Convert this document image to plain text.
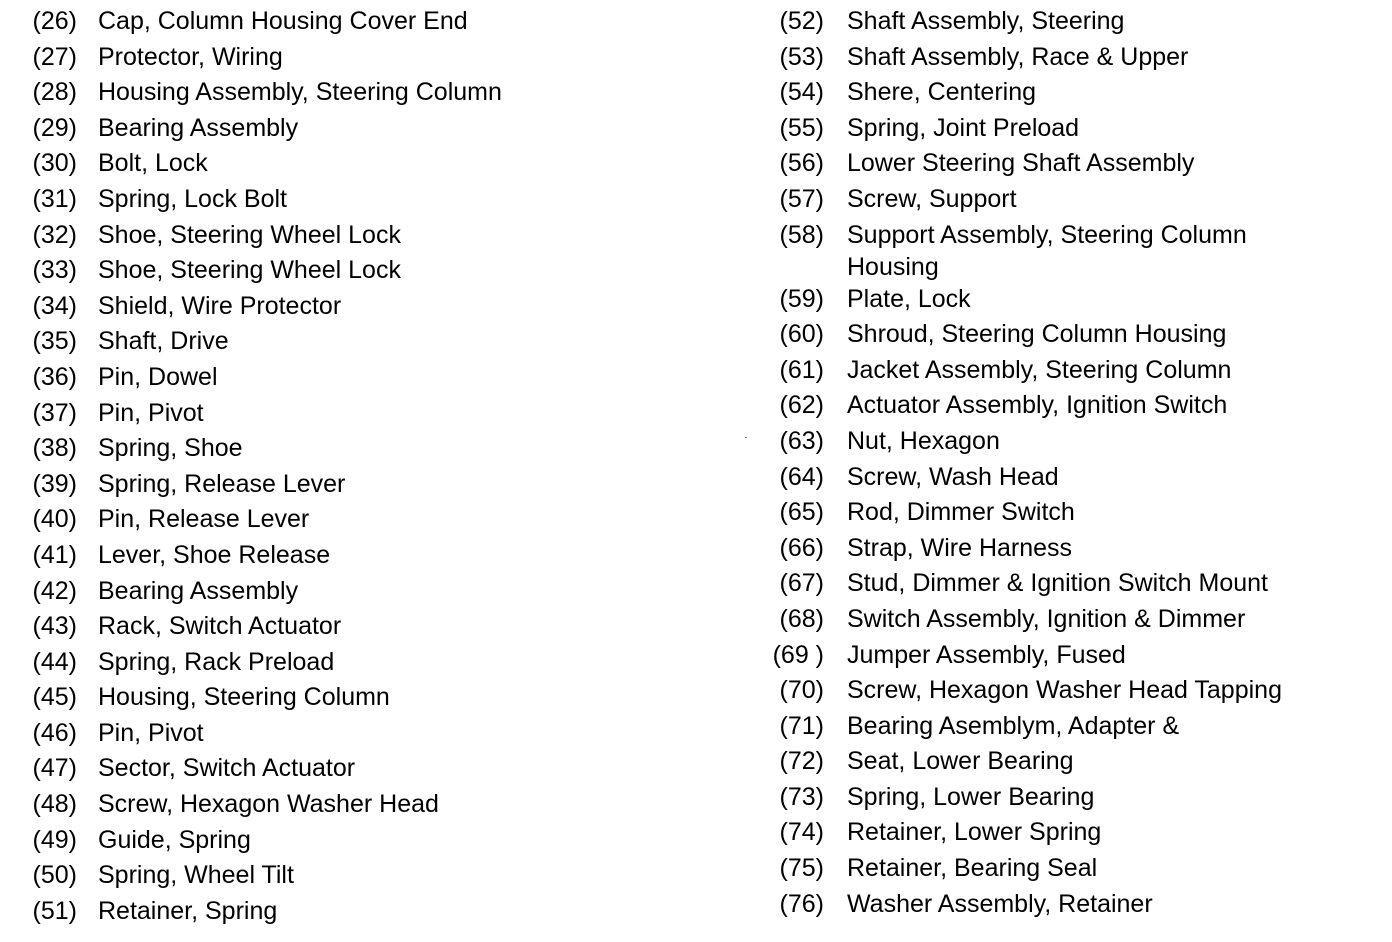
(26) Cap, Column Housing Cover End
(27) Protector, Wiring
(28) Housing Assembly, Steering Column
(29) Bearing Assembly
(30) Bolt, Lock
(31) Spring, Lock Bolt
(32) Shoe, Steering Wheel Lock
(33) Shoe, Steering Wheel Lock
(34) Shield, Wire Protector
(35) Shaft, Drive
(36) Pin, Dowel
(37) Pin, Pivot
(38) Spring, Shoe
(39) Spring, Release Lever
(40) Pin, Release Lever
(41) Lever, Shoe Release
(42) Bearing Assembly
(43) Rack, Switch Actuator
(44) Spring, Rack Preload
(45) Housing, Steering Column
(46) Pin, Pivot
(47) Sector, Switch Actuator
(48) Screw, Hexagon Washer Head
(49) Guide, Spring
(50) Spring, Wheel Tilt
(51) Retainer, Spring
(52) Shaft Assembly, Steering
(53) Shaft Assembly, Race & Upper
(54) Shere, Centering
(55) Spring, Joint Preload
(56) Lower Steering Shaft Assembly
(57) Screw, Support
(58) Support Assembly, Steering Column
Housing
(59) Plate, Lock
(60) Shroud, Steering Column Housing
(61) Jacket Assembly, Steering Column
(62) Actuator Assembly, Ignition Switch
(63) Nut, Hexagon
(64) Screw, Wash Head
(65) Rod, Dimmer Switch
(66) Strap, Wire Harness
(67) Stud, Dimmer & Ignition Switch Mount
(68) Switch Assembly, Ignition & Dimmer
(69 ) Jumper Assembly, Fused
(70) Screw, Hexagon Washer Head Tapping
(71) Bearing Asemblym, Adapter &
(72) Seat, Lower Bearing
(73) Spring, Lower Bearing
(74) Retainer, Lower Spring
(75) Retainer, Bearing Seal
(76) Washer Assembly, Retainer
